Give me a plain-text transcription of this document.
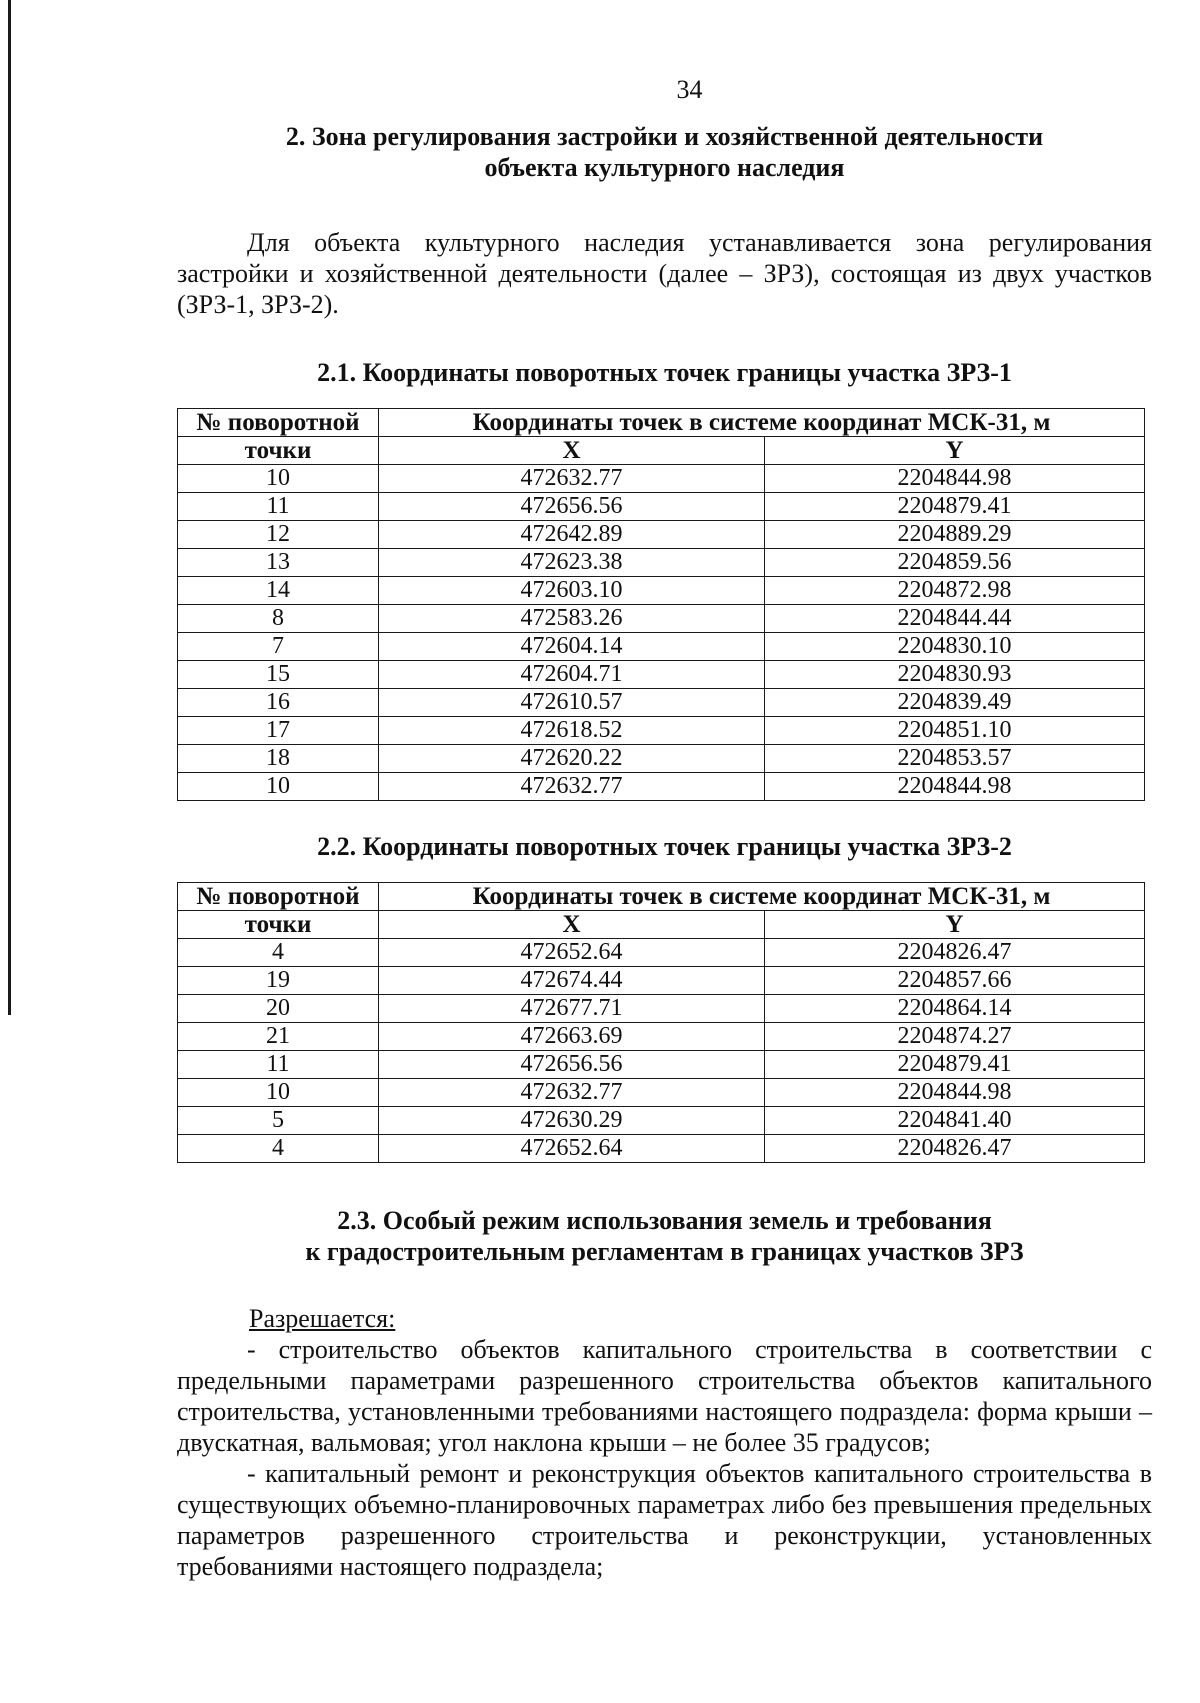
34

2. Зона регулирования застройки и хозяйственной деятельности

объекта культурного наследия

Для объекта культурного наследия устанавливается зона регулирования застройки и хозяйственной деятельности (далее – ЗРЗ), состоящая из двух участков (ЗРЗ-1, ЗРЗ-2).

2.1. Координаты поворотных точек границы участка ЗРЗ-1

№ поворотной	Координаты точек в системе координат МСК-31, м	
точки	X	Y
10	472632.77	2204844.98
11	472656.56	2204879.41
12	472642.89	2204889.29
13	472623.38	2204859.56
14	472603.10	2204872.98
8	472583.26	2204844.44
7	472604.14	2204830.10
15	472604.71	2204830.93
16	472610.57	2204839.49
17	472618.52	2204851.10
18	472620.22	2204853.57
10	472632.77	2204844.98

2.2. Координаты поворотных точек границы участка ЗРЗ-2

№ поворотной	Координаты точек в системе координат МСК-31, м	
точки	X	Y
4	472652.64	2204826.47
19	472674.44	2204857.66
20	472677.71	2204864.14
21	472663.69	2204874.27
11	472656.56	2204879.41
10	472632.77	2204844.98
5	472630.29	2204841.40
4	472652.64	2204826.47

2.3. Особый режим использования земель и требования

к градостроительным регламентам в границах участков ЗРЗ

Разрешается:

- строительство объектов капитального строительства в соответствии с предельными параметрами разрешенного строительства объектов капитального строительства, установленными требованиями настоящего подраздела: форма крыши – двускатная, вальмовая; угол наклона крыши – не более 35 градусов;

- капитальный ремонт и реконструкция объектов капитального строительства в существующих объемно-планировочных параметрах либо без превышения предельных параметров разрешенного строительства и реконструкции, установленных требованиями настоящего подраздела;
